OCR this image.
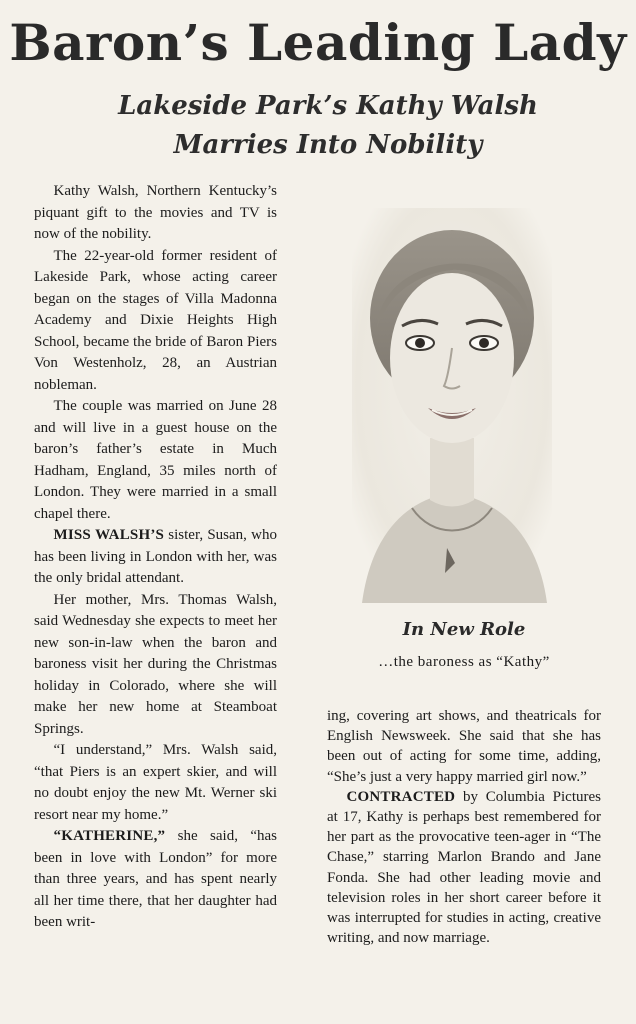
Baron’s Leading Lady
Lakeside Park’s Kathy Walsh
Marries Into Nobility

Kathy Walsh, Northern Kentucky’s piquant gift to the movies and TV is now of the nobility.

The 22-year-old former resident of Lakeside Park, whose acting career began on the stages of Villa Madonna Academy and Dixie Heights High School, became the bride of Baron Piers Von Westenholz, 28, an Austrian nobleman.

The couple was married on June 28 and will live in a guest house on the baron’s father’s estate in Much Hadham, England, 35 miles north of London. They were married in a small chapel there.

MISS WALSH’S sister, Susan, who has been living in London with her, was the only bridal attendant.

Her mother, Mrs. Thomas Walsh, said Wednesday she expects to meet her new son-in-law when the baron and baroness visit her during the Christmas holiday in Colorado, where she will make her new home at Steamboat Springs.

“I understand,” Mrs. Walsh said, “that Piers is an expert skier, and will no doubt enjoy the new Mt. Werner ski resort near my home.”

“KATHERINE,” she said, “has been in love with London” for more than three years, and has spent nearly all her time there, that her daughter had been writ-

In New Role
…the baroness as “Kathy”

ing, covering art shows, and theatricals for English Newsweek. She said that she has been out of acting for some time, adding, “She’s just a very happy married girl now.”

CONTRACTED by Columbia Pictures at 17, Kathy is perhaps best remembered for her part as the provocative teen-ager in “The Chase,” starring Marlon Brando and Jane Fonda. She had other leading movie and television roles in her short career before it was interrupted for studies in acting, creative writing, and now marriage.
